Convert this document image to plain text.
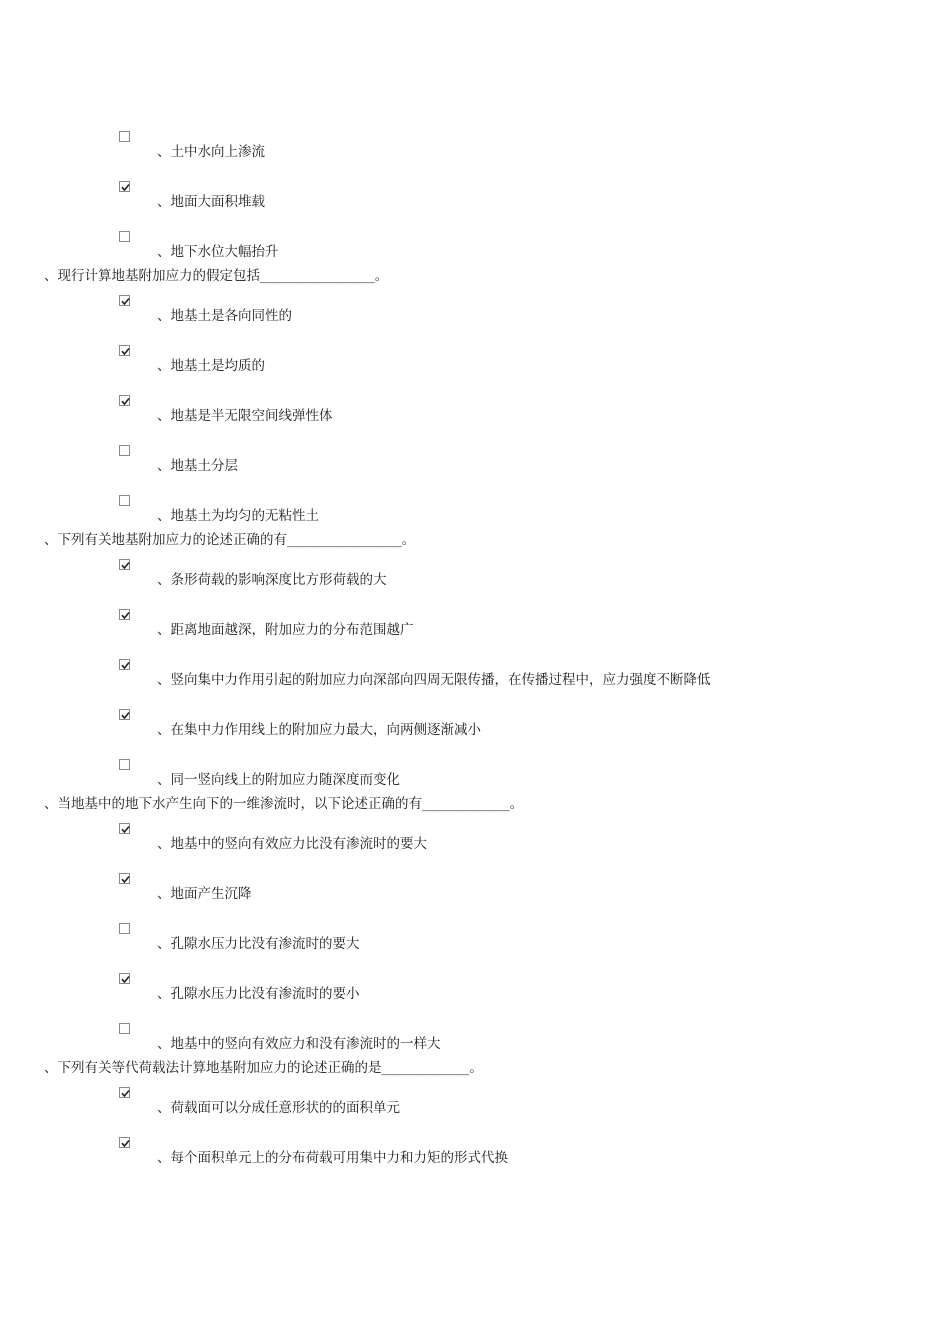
、土中水向上渗流
、地面大面积堆载
、地下水位大幅抬升
、现行计算地基附加应力的假定包括_________________。
、地基土是各向同性的
、地基土是均质的
、地基是半无限空间线弹性体
、地基土分层
、地基土为均匀的无粘性土
、下列有关地基附加应力的论述正确的有_________________。
、条形荷载的影响深度比方形荷载的大
、距离地面越深，附加应力的分布范围越广
、竖向集中力作用引起的附加应力向深部向四周无限传播，在传播过程中，应力强度不断降低
、在集中力作用线上的附加应力最大，向两侧逐渐减小
、同一竖向线上的附加应力随深度而变化
、当地基中的地下水产生向下的一维渗流时，以下论述正确的有_____________。
、地基中的竖向有效应力比没有渗流时的要大
、地面产生沉降
、孔隙水压力比没有渗流时的要大
、孔隙水压力比没有渗流时的要小
、地基中的竖向有效应力和没有渗流时的一样大
、下列有关等代荷载法计算地基附加应力的论述正确的是_____________。
、荷载面可以分成任意形状的的面积单元
、每个面积单元上的分布荷载可用集中力和力矩的形式代换
